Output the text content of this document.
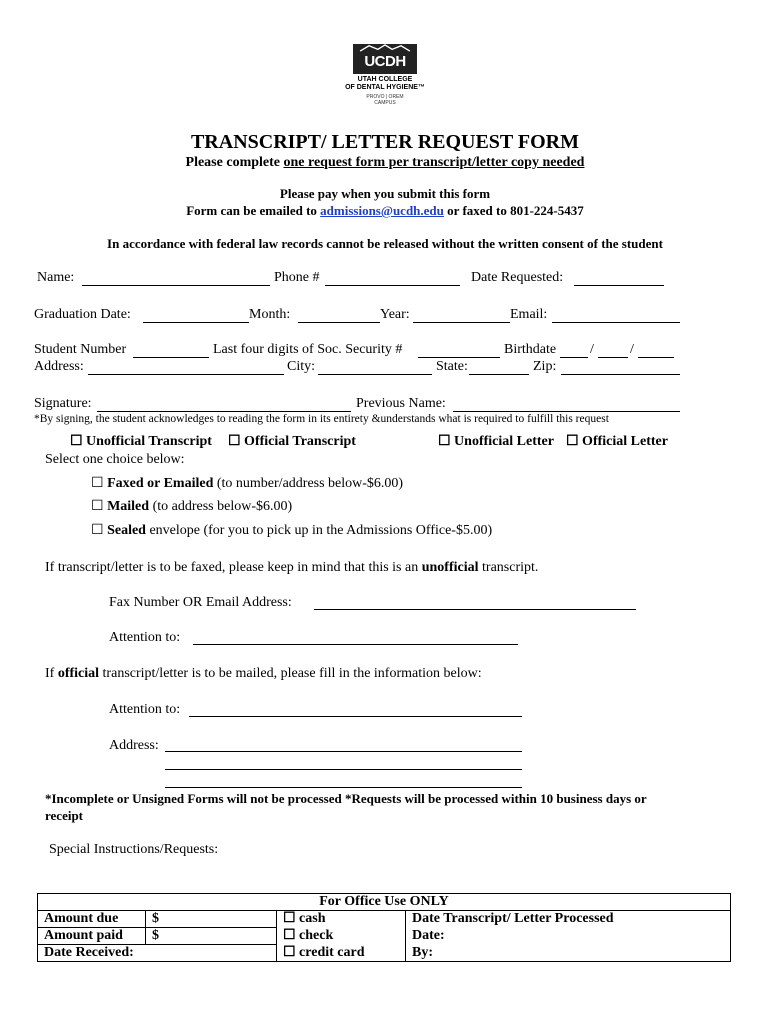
UCDH
UTAH COLLEGE
OF DENTAL HYGIENE™
PROVO | OREM
CAMPUS
TRANSCRIPT/ LETTER REQUEST FORM
Please complete one request form per transcript/letter copy needed
Please pay when you submit this form
Form can be emailed to admissions@ucdh.edu or faxed to 801-224-5437
In accordance with federal law records cannot be released without the written consent of the student
Name:	Phone #	Date Requested:
Graduation Date:	Month:	Year:	Email:
Student Number	Last four digits of Soc. Security #	Birthdate /	/
Address:	City:	State:	Zip:
Signature:	Previous Name:
*By signing, the student acknowledges to reading the form in its entirety &understands what is required to fulfill this request
☐ Unofficial Transcript ☐ Official Transcript	☐ Unofficial Letter ☐ Official Letter
Select one choice below:
☐ Faxed or Emailed (to number/address below-$6.00)
☐ Mailed (to address below-$6.00)
☐ Sealed envelope (for you to pick up in the Admissions Office-$5.00)
If transcript/letter is to be faxed, please keep in mind that this is an unofficial transcript.
Fax Number OR Email Address:
Attention to:
If official transcript/letter is to be mailed, please fill in the information below:
Attention to:
Address:
*Incomplete or Unsigned Forms will not be processed *Requests will be processed within 10 business days or
receipt
Special Instructions/Requests:
For Office Use ONLY			
Amount due	$	☐ cash	Date Transcript/ Letter Processed
Amount paid	$	☐ check	Date:
Date Received:		☐ credit card	By:
